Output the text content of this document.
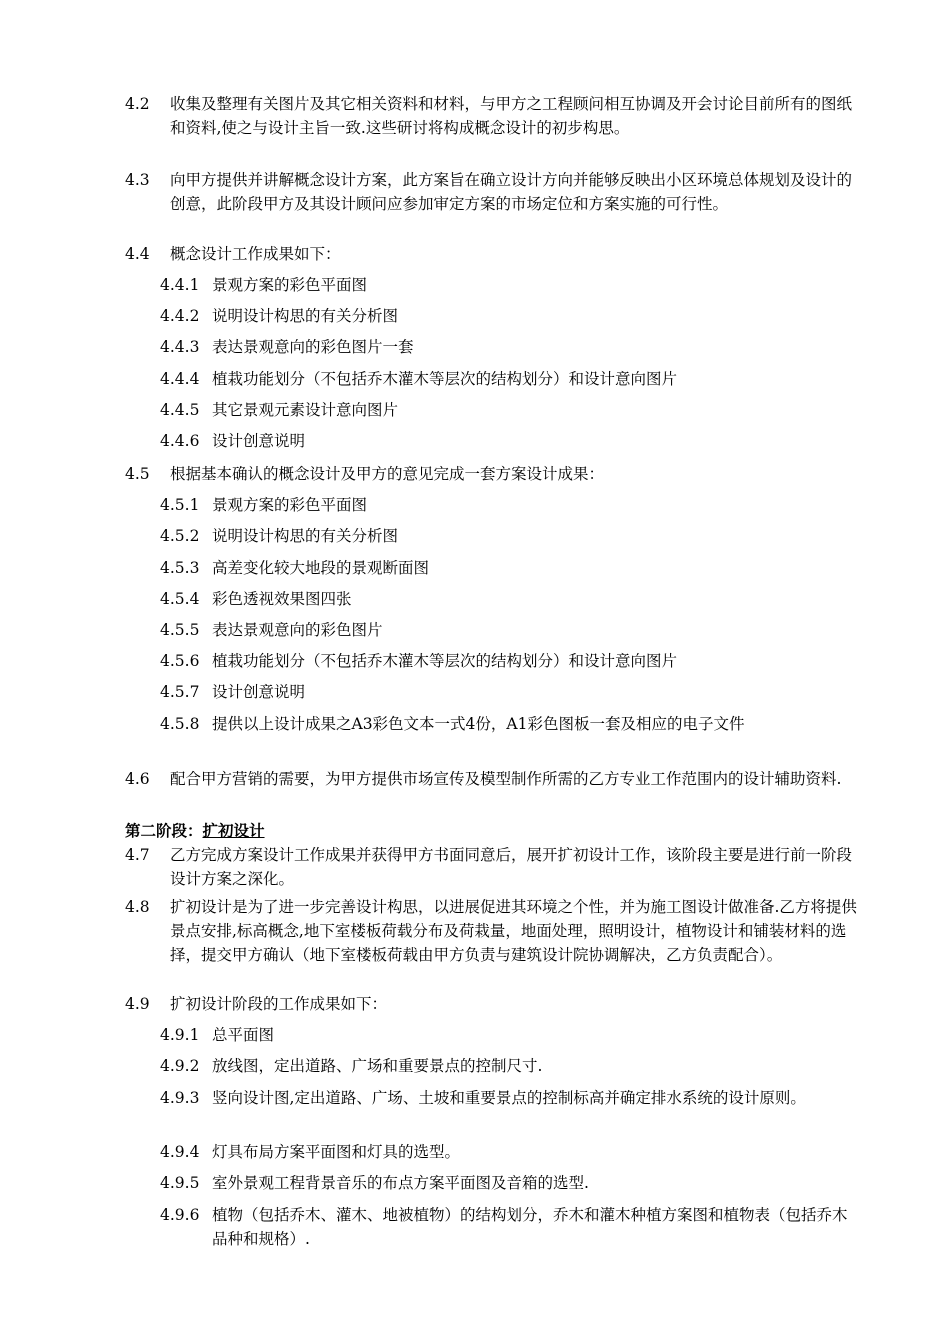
4.2 收集及整理有关图片及其它相关资料和材料，与甲方之工程顾问相互协调及开会讨论目前所有的图纸和资料,使之与设计主旨一致.这些研讨将构成概念设计的初步构思。
4.3 向甲方提供并讲解概念设计方案，此方案旨在确立设计方向并能够反映出小区环境总体规划及设计的创意，此阶段甲方及其设计顾问应参加审定方案的市场定位和方案实施的可行性。
4.4 概念设计工作成果如下：
4.4.1 景观方案的彩色平面图
4.4.2 说明设计构思的有关分析图
4.4.3 表达景观意向的彩色图片一套
4.4.4 植栽功能划分（不包括乔木灌木等层次的结构划分）和设计意向图片
4.4.5 其它景观元素设计意向图片
4.4.6 设计创意说明
4.5 根据基本确认的概念设计及甲方的意见完成一套方案设计成果：
4.5.1 景观方案的彩色平面图
4.5.2 说明设计构思的有关分析图
4.5.3 高差变化较大地段的景观断面图
4.5.4 彩色透视效果图四张
4.5.5 表达景观意向的彩色图片
4.5.6 植栽功能划分（不包括乔木灌木等层次的结构划分）和设计意向图片
4.5.7 设计创意说明
4.5.8 提供以上设计成果之A3彩色文本一式4份，A1彩色图板一套及相应的电子文件
4.6 配合甲方营销的需要，为甲方提供市场宣传及模型制作所需的乙方专业工作范围内的设计辅助资料.
第二阶段：扩初设计
4.7 乙方完成方案设计工作成果并获得甲方书面同意后，展开扩初设计工作，该阶段主要是进行前一阶段设计方案之深化。
4.8 扩初设计是为了进一步完善设计构思，以进展促进其环境之个性，并为施工图设计做准备.乙方将提供景点安排,标高概念,地下室楼板荷载分布及荷栽量，地面处理，照明设计，植物设计和铺装材料的选择，提交甲方确认（地下室楼板荷载由甲方负责与建筑设计院协调解决，乙方负责配合）。
4.9 扩初设计阶段的工作成果如下：
4.9.1 总平面图
4.9.2 放线图，定出道路、广场和重要景点的控制尺寸.
4.9.3 竖向设计图,定出道路、广场、土坡和重要景点的控制标高并确定排水系统的设计原则。
4.9.4 灯具布局方案平面图和灯具的选型。
4.9.5 室外景观工程背景音乐的布点方案平面图及音箱的选型.
4.9.6 植物（包括乔木、灌木、地被植物）的结构划分，乔木和灌木种植方案图和植物表（包括乔木品种和规格）.
